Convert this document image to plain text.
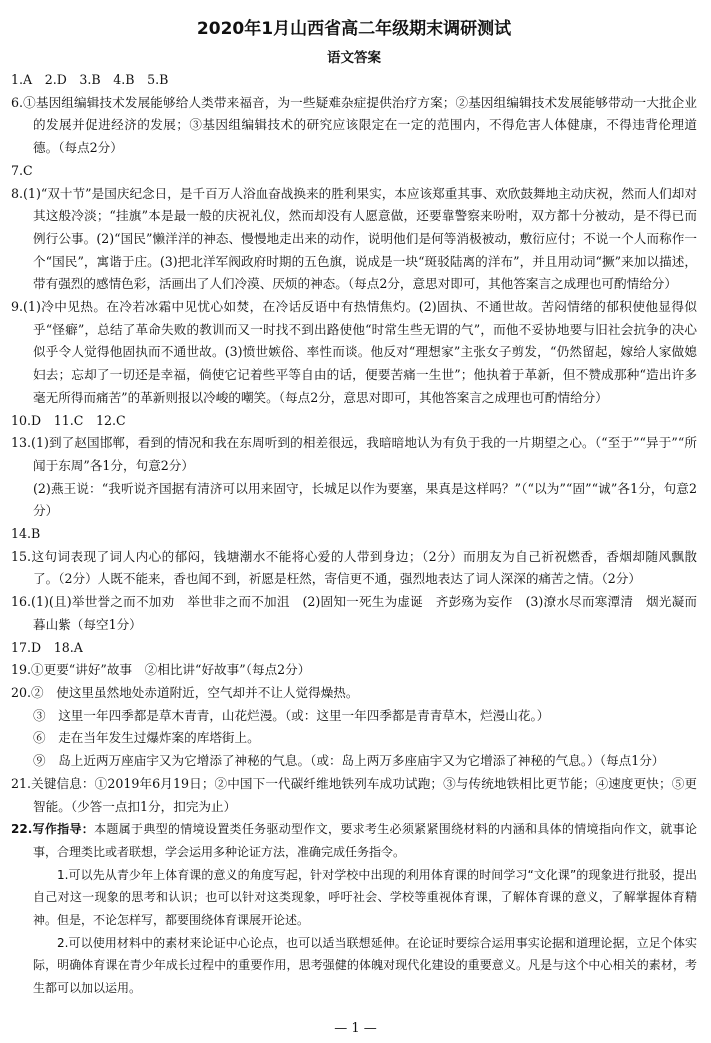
2020年1月山西省高二年级期末调研测试
语文答案

1.A　2.D　3.B　4.B　5.B

6.①基因组编辑技术发展能够给人类带来福音，为一些疑难杂症提供治疗方案；②基因组编辑技术发展能够带动一大批企业的发展并促进经济的发展；③基因组编辑技术的研究应该限定在一定的范围内，不得危害人体健康，不得违背伦理道德。（每点2分）

7.C

8.(1)“双十节”是国庆纪念日，是千百万人浴血奋战换来的胜利果实，本应该郑重其事、欢欣鼓舞地主动庆祝，然而人们却对其这般冷淡；“挂旗”本是最一般的庆祝礼仪，然而却没有人愿意做，还要靠警察来吩咐，双方都十分被动，是不得已而例行公事。(2)“国民”懒洋洋的神态、慢慢地走出来的动作，说明他们是何等消极被动，敷衍应付；不说一个人而称作一个“国民”，寓谐于庄。(3)把北洋军阀政府时期的五色旗，说成是一块“斑驳陆离的洋布”，并且用动词“撅”来加以描述，带有强烈的感情色彩，活画出了人们冷漠、厌烦的神态。（每点2分，意思对即可，其他答案言之成理也可酌情给分）

9.(1)冷中见热。在冷若冰霜中见忧心如焚，在冷话反语中有热情焦灼。(2)固执、不通世故。苦闷情绪的郁积使他显得似乎“怪癖”，总结了革命失败的教训而又一时找不到出路使他“时常生些无谓的气”，而他不妥协地要与旧社会抗争的决心似乎令人觉得他固执而不通世故。(3)愤世嫉俗、率性而谈。他反对“理想家”主张女子剪发，“仍然留起，嫁给人家做媳妇去；忘却了一切还是幸福，倘使它记着些平等自由的话，便要苦痛一生世”；他执着于革新，但不赞成那种“造出许多毫无所得而痛苦”的革新则报以冷峻的嘲笑。（每点2分，意思对即可，其他答案言之成理也可酌情给分）

10.D　11.C　12.C

13.(1)到了赵国邯郸，看到的情况和我在东周听到的相差很远，我暗暗地认为有负于我的一片期望之心。（“至于”“异于”“所闻于东周”各1分，句意2分）

(2)燕王说：“我听说齐国据有清济可以用来固守，长城足以作为要塞，果真是这样吗？”（“以为”“固”“诚”各1分，句意2分）

14.B

15.这句词表现了词人内心的郁闷，钱塘潮水不能将心爱的人带到身边；（2分）而朋友为自己祈祝燃香，香烟却随风飘散了。（2分）人既不能来，香也闻不到，祈愿是枉然，寄信更不通，强烈地表达了词人深深的痛苦之情。（2分）

16.(1)(且)举世誉之而不加劝　举世非之而不加沮　(2)固知一死生为虚诞　齐彭殇为妄作　(3)潦水尽而寒潭清　烟光凝而暮山紫（每空1分）

17.D　18.A

19.①更要“讲好”故事　②相比讲“好故事”（每点2分）

20.②　使这里虽然地处赤道附近，空气却并不让人觉得燥热。

③　这里一年四季都是草木青青，山花烂漫。（或：这里一年四季都是青青草木，烂漫山花。）

⑥　走在当年发生过爆炸案的库塔街上。

⑨　岛上近两万座庙宇又为它增添了神秘的气息。（或：岛上两万多座庙宇又为它增添了神秘的气息。）（每点1分）

21.关键信息：①2019年6月19日；②中国下一代碳纤维地铁列车成功试跑；③与传统地铁相比更节能；④速度更快；⑤更智能。（少答一点扣1分，扣完为止）

22.写作指导：本题属于典型的情境设置类任务驱动型作文，要求考生必须紧紧围绕材料的内涵和具体的情境指向作文，就事论事，合理类比或者联想，学会运用多种论证方法，准确完成任务指令。

1.可以先从青少年上体育课的意义的角度写起，针对学校中出现的利用体育课的时间学习“文化课”的现象进行批驳，提出自己对这一现象的思考和认识；也可以针对这类现象，呼吁社会、学校等重视体育课，了解体育课的意义，了解掌握体育精神。但是，不论怎样写，都要围绕体育课展开论述。

2.可以使用材料中的素材来论证中心论点，也可以适当联想延伸。在论证时要综合运用事实论据和道理论据，立足个体实际，明确体育课在青少年成长过程中的重要作用，思考强健的体魄对现代化建设的重要意义。凡是与这个中心相关的素材，考生都可以加以运用。

— 1 —
